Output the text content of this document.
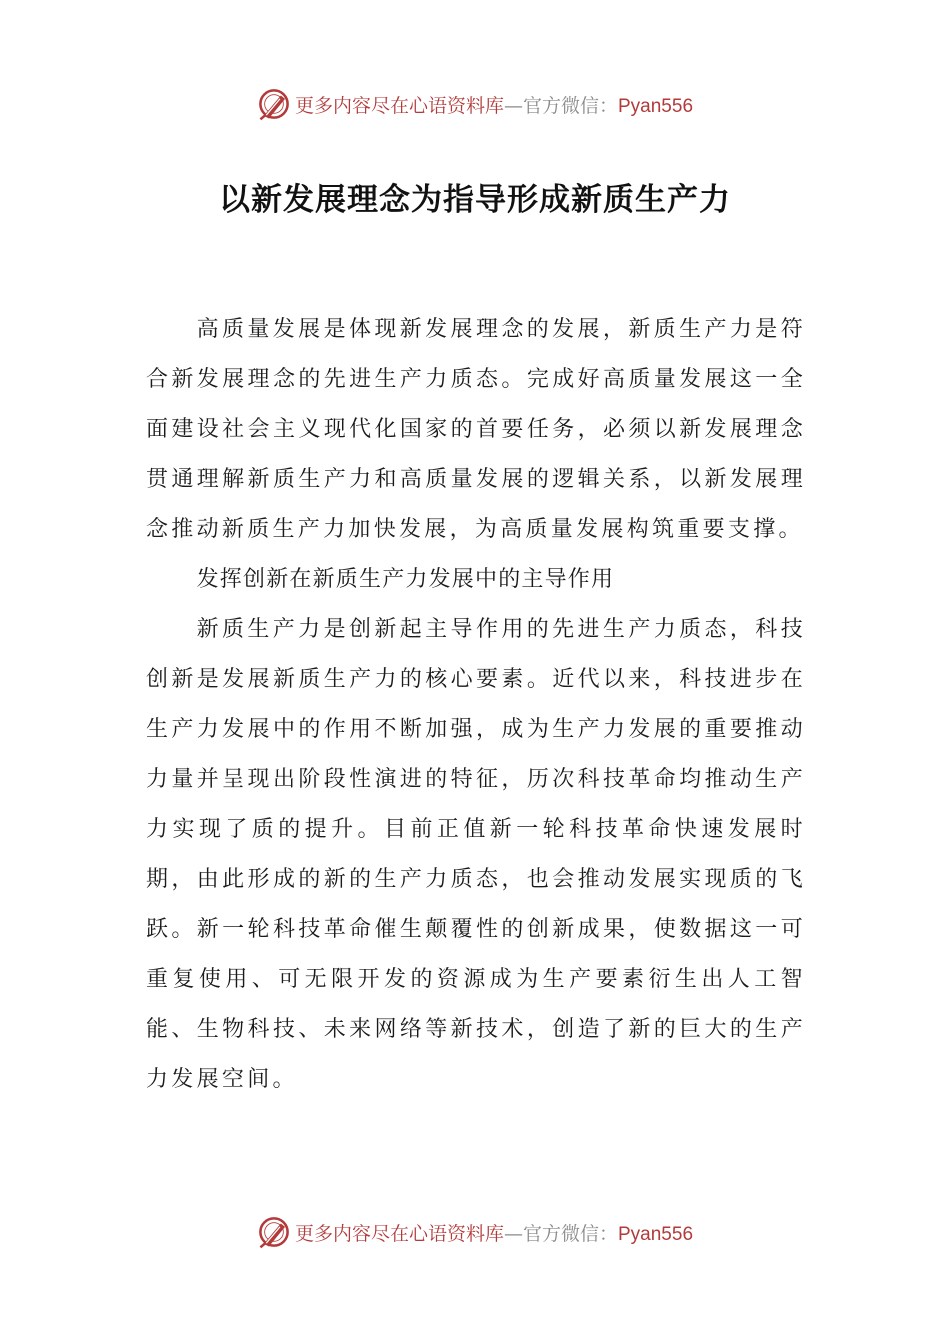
更多内容尽在心语资料库—官方微信：Pyan556
以新发展理念为指导形成新质生产力

高质量发展是体现新发展理念的发展，新质生产力是符合新发展理念的先进生产力质态。完成好高质量发展这一全面建设社会主义现代化国家的首要任务，必须以新发展理念贯通理解新质生产力和高质量发展的逻辑关系，以新发展理念推动新质生产力加快发展，为高质量发展构筑重要支撑。

发挥创新在新质生产力发展中的主导作用

新质生产力是创新起主导作用的先进生产力质态，科技创新是发展新质生产力的核心要素。近代以来，科技进步在生产力发展中的作用不断加强，成为生产力发展的重要推动力量并呈现出阶段性演进的特征，历次科技革命均推动生产力实现了质的提升。目前正值新一轮科技革命快速发展时期，由此形成的新的生产力质态，也会推动发展实现质的飞跃。新一轮科技革命催生颠覆性的创新成果，使数据这一可重复使用、可无限开发的资源成为生产要素衍生出人工智能、生物科技、未来网络等新技术，创造了新的巨大的生产力发展空间。

更多内容尽在心语资料库—官方微信：Pyan556
